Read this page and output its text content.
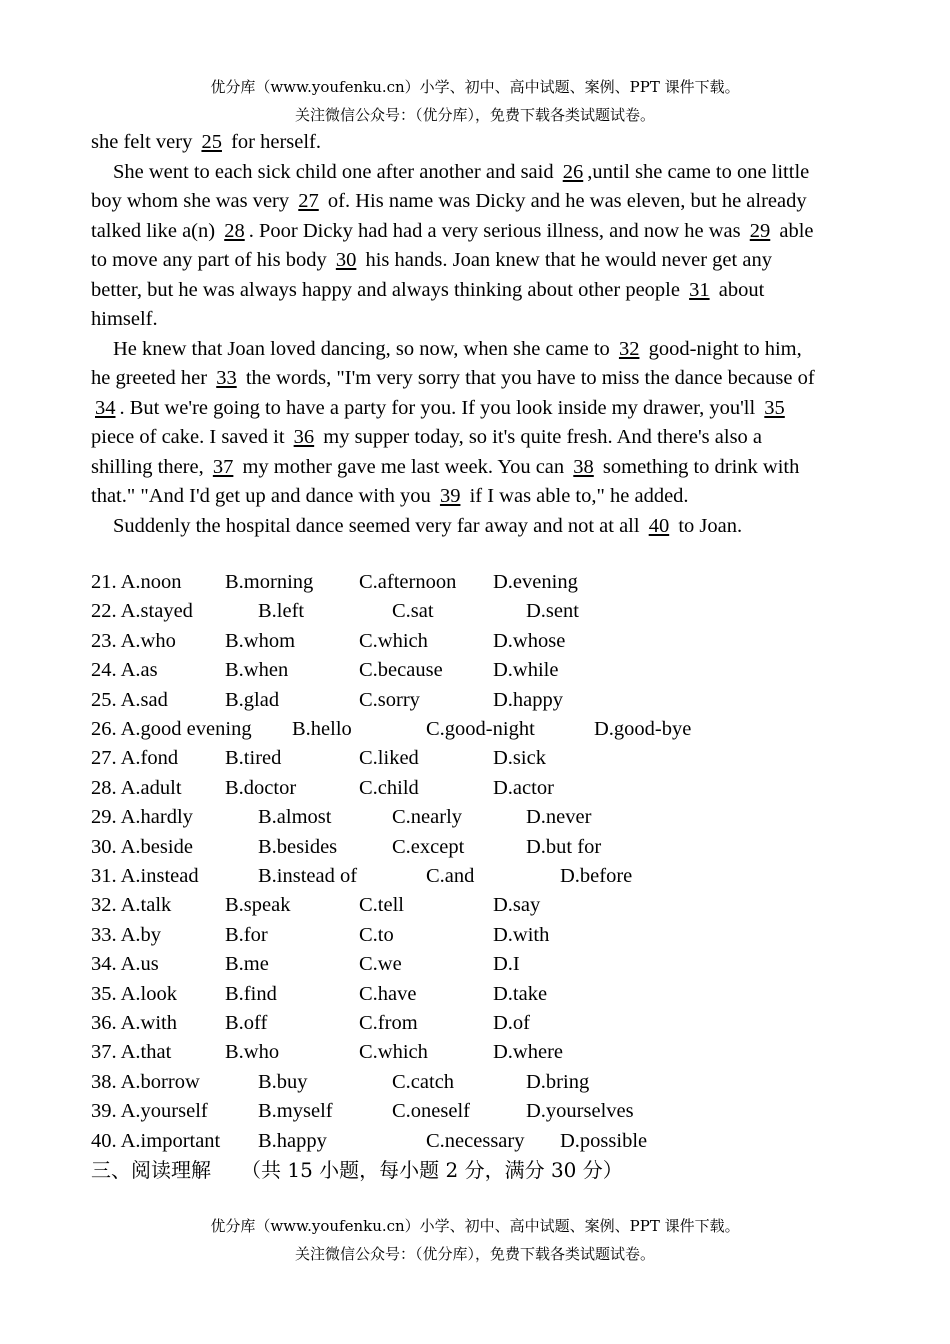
优分库（www.youfenku.cn）小学、初中、高中试题、案例、PPT 课件下载。
关注微信公众号：（优分库），免费下载各类试题试卷。

she felt very 25 for herself.

She went to each sick child one after another and said 26 ,until she came to one little boy whom she was very 27 of. His name was Dicky and he was eleven, but he already talked like a(n) 28 . Poor Dicky had had a very serious illness, and now he was 29 able to move any part of his body 30 his hands. Joan knew that he would never get any better, but he was always happy and always thinking about other people 31 about himself.

He knew that Joan loved dancing, so now, when she came to 32 good-night to him, he greeted her 33 the words, "I'm very sorry that you have to miss the dance because of 34 . But we're going to have a party for you. If you look inside my drawer, you'll 35 piece of cake. I saved it 36 my supper today, so it's quite fresh. And there's also a shilling there, 37 my mother gave me last week. You can 38 something to drink with that." "And I'd get up and dance with you 39 if I was able to," he added.

Suddenly the hospital dance seemed very far away and not at all 40 to Joan.

21. A.noon B.morning C.afternoon D.evening
22. A.stayed	B.left	C.sat	D.sent
23. A.who B.whom	C.which	D.whose
24. A.as	B.when	C.because D.while
25. A.sad	B.glad	C.sorry	D.happy
26. A.good evening B.hello	C.good-night	D.good-bye
27. A.fond B.tired	C.liked	D.sick
28. A.adult B.doctor	C.child	D.actor
29. A.hardly	B.almost	C.nearly	D.never
30. A.beside	B.besides	C.except	D.but for
31. A.instead	B.instead of	C.and	D.before
32. A.talk	B.speak	C.tell	D.say
33. A.by	B.for	C.to	D.with
34. A.us	B.me	C.we	D.I
35. A.look B.find	C.have	D.take
36. A.with B.off	C.from	D.of
37. A.that	B.who	C.which	D.where
38. A.borrow	B.buy	C.catch	D.bring
39. A.yourself B.myself	C.oneself	D.yourselves
40. A.important B.happy	C.necessary D.possible
三、阅读理解 （共 15 小题，每小题 2 分，满分 30 分）
优分库（www.youfenku.cn）小学、初中、高中试题、案例、PPT 课件下载。
关注微信公众号：（优分库），免费下载各类试题试卷。
